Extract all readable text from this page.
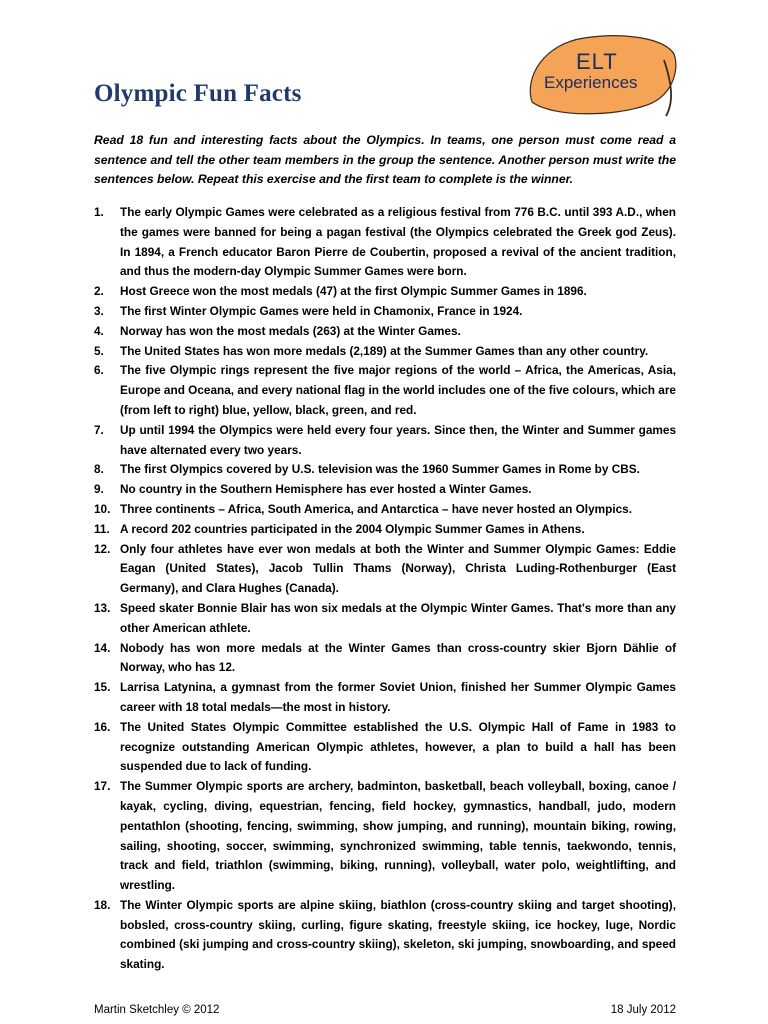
Olympic Fun Facts
ELT
Experiences

Read 18 fun and interesting facts about the Olympics. In teams, one person must come read a sentence and tell the other team members in the group the sentence. Another person must write the sentences below. Repeat this exercise and the first team to complete is the winner.

1. The early Olympic Games were celebrated as a religious festival from 776 B.C. until 393 A.D., when the games were banned for being a pagan festival (the Olympics celebrated the Greek god Zeus). In 1894, a French educator Baron Pierre de Coubertin, proposed a revival of the ancient tradition, and thus the modern-day Olympic Summer Games were born.
2. Host Greece won the most medals (47) at the first Olympic Summer Games in 1896.
3. The first Winter Olympic Games were held in Chamonix, France in 1924.
4. Norway has won the most medals (263) at the Winter Games.
5. The United States has won more medals (2,189) at the Summer Games than any other country.
6. The five Olympic rings represent the five major regions of the world – Africa, the Americas, Asia, Europe and Oceana, and every national flag in the world includes one of the five colours, which are (from left to right) blue, yellow, black, green, and red.
7. Up until 1994 the Olympics were held every four years. Since then, the Winter and Summer games have alternated every two years.
8. The first Olympics covered by U.S. television was the 1960 Summer Games in Rome by CBS.
9. No country in the Southern Hemisphere has ever hosted a Winter Games.
10. Three continents – Africa, South America, and Antarctica – have never hosted an Olympics.
11. A record 202 countries participated in the 2004 Olympic Summer Games in Athens.
12. Only four athletes have ever won medals at both the Winter and Summer Olympic Games: Eddie Eagan (United States), Jacob Tullin Thams (Norway), Christa Luding-Rothenburger (East Germany), and Clara Hughes (Canada).
13. Speed skater Bonnie Blair has won six medals at the Olympic Winter Games. That's more than any other American athlete.
14. Nobody has won more medals at the Winter Games than cross-country skier Bjorn Dählie of Norway, who has 12.
15. Larrisa Latynina, a gymnast from the former Soviet Union, finished her Summer Olympic Games career with 18 total medals—the most in history.
16. The United States Olympic Committee established the U.S. Olympic Hall of Fame in 1983 to recognize outstanding American Olympic athletes, however, a plan to build a hall has been suspended due to lack of funding.
17. The Summer Olympic sports are archery, badminton, basketball, beach volleyball, boxing, canoe / kayak, cycling, diving, equestrian, fencing, field hockey, gymnastics, handball, judo, modern pentathlon (shooting, fencing, swimming, show jumping, and running), mountain biking, rowing, sailing, shooting, soccer, swimming, synchronized swimming, table tennis, taekwondo, tennis, track and field, triathlon (swimming, biking, running), volleyball, water polo, weightlifting, and wrestling.
18. The Winter Olympic sports are alpine skiing, biathlon (cross-country skiing and target shooting), bobsled, cross-country skiing, curling, figure skating, freestyle skiing, ice hockey, luge, Nordic combined (ski jumping and cross-country skiing), skeleton, ski jumping, snowboarding, and speed skating.
Martin Sketchley © 2012	18 July 2012
